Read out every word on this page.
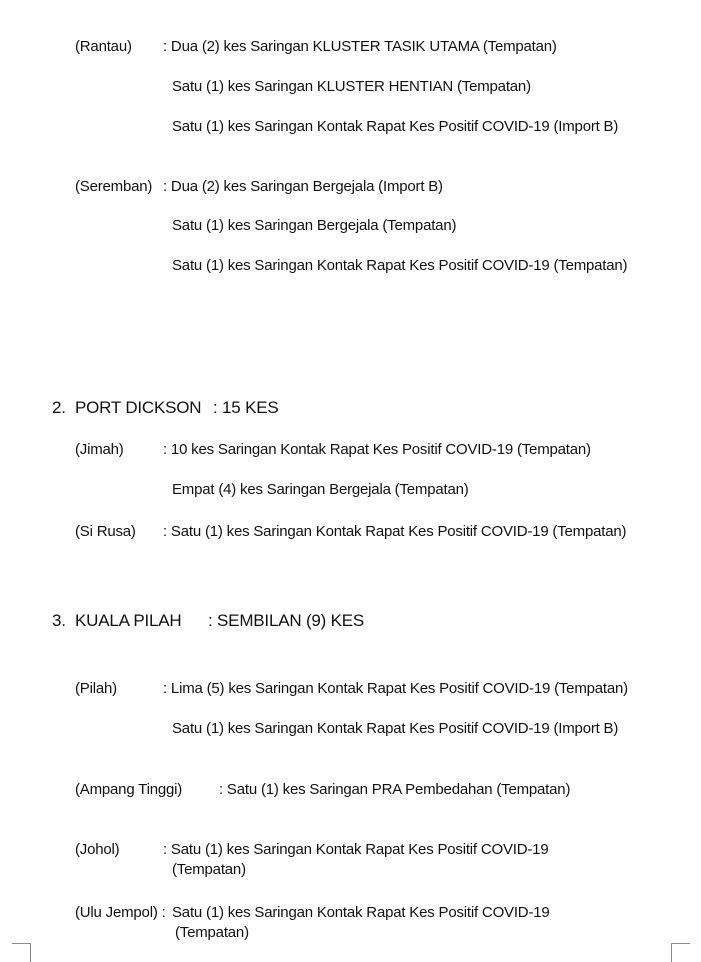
(Rantau) : Dua (2) kes Saringan KLUSTER TASIK UTAMA (Tempatan)
Satu (1) kes Saringan KLUSTER HENTIAN (Tempatan)
Satu (1) kes Saringan Kontak Rapat Kes Positif COVID-19 (Import B)
(Seremban) : Dua (2) kes Saringan Bergejala (Import B)
Satu (1) kes Saringan Bergejala (Tempatan)
Satu (1) kes Saringan Kontak Rapat Kes Positif COVID-19 (Tempatan)
2. PORT DICKSON : 15 KES
(Jimah)	: 10 kes Saringan Kontak Rapat Kes Positif COVID-19 (Tempatan)
Empat (4) kes Saringan Bergejala (Tempatan)
(Si Rusa) : Satu (1) kes Saringan Kontak Rapat Kes Positif COVID-19 (Tempatan)
3. KUALA PILAH : SEMBILAN (9) KES
(Pilah)	: Lima (5) kes Saringan Kontak Rapat Kes Positif COVID-19 (Tempatan)
Satu (1) kes Saringan Kontak Rapat Kes Positif COVID-19 (Import B)
(Ampang Tinggi) : Satu (1) kes Saringan PRA Pembedahan (Tempatan)
(Johol)	: Satu (1) kes Saringan Kontak Rapat Kes Positif COVID-19
(Tempatan)
(Ulu Jempol) : Satu (1) kes Saringan Kontak Rapat Kes Positif COVID-19
(Tempatan)
